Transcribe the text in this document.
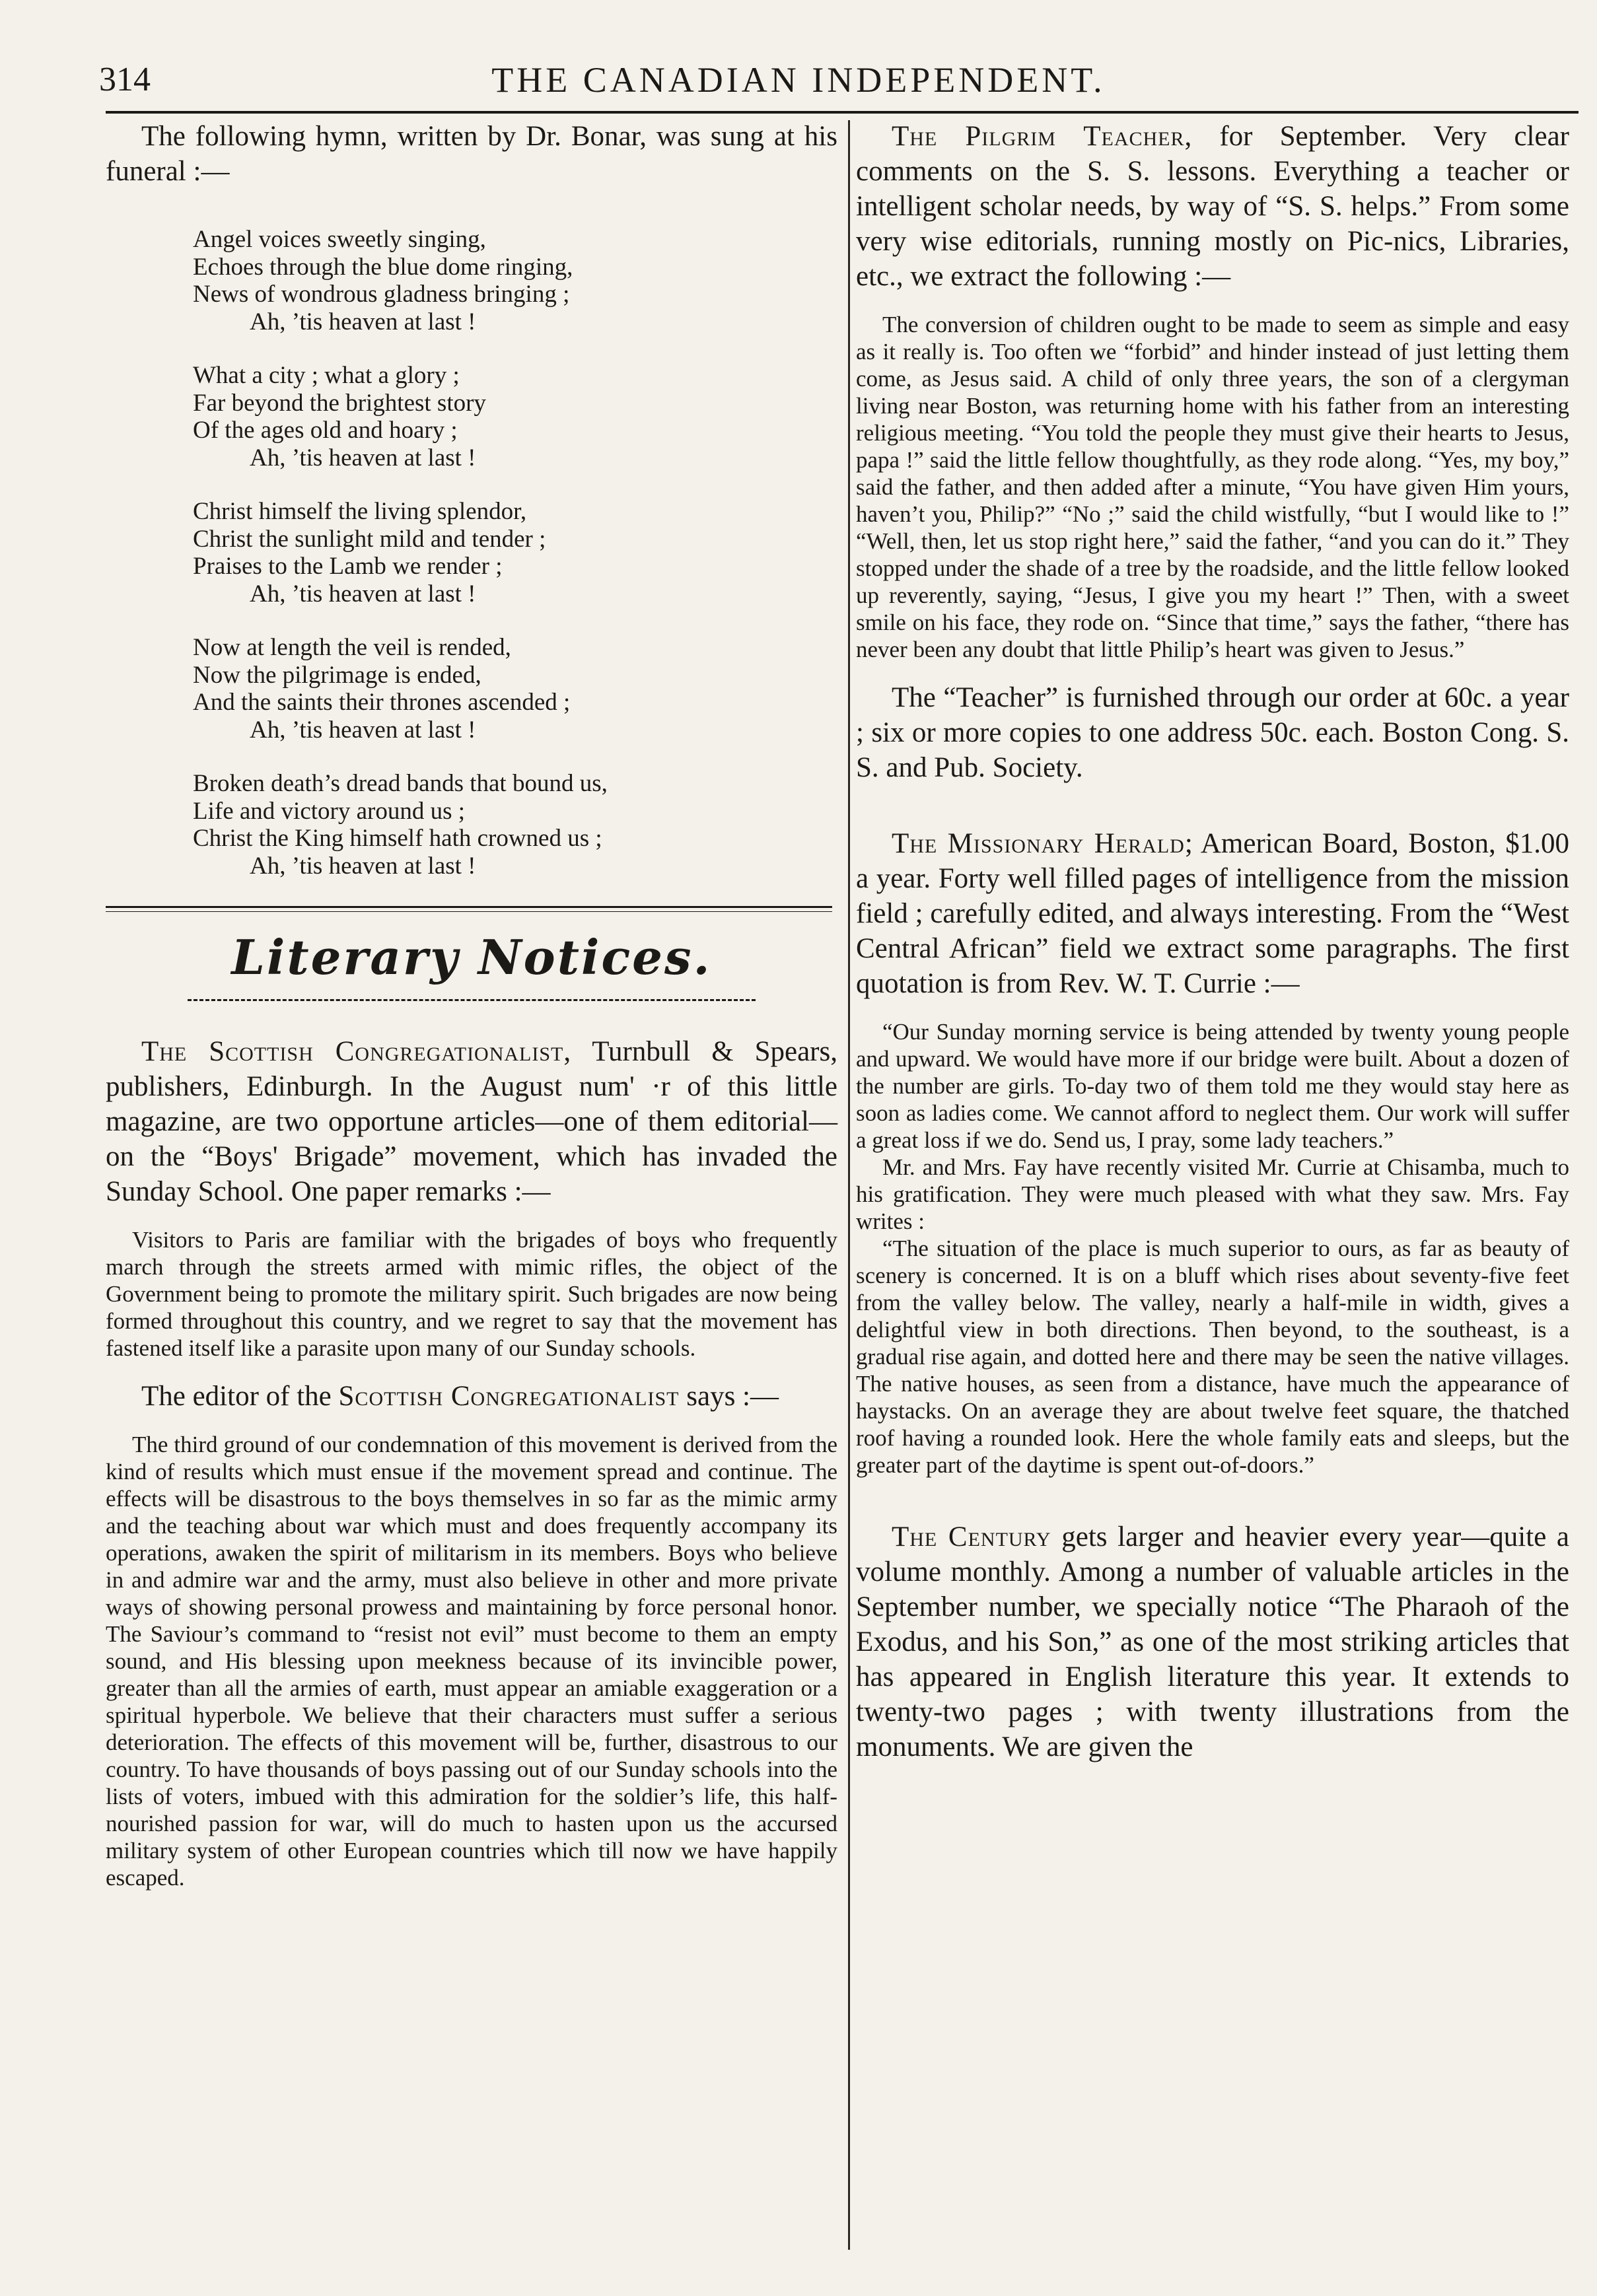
314	THE CANADIAN INDEPENDENT.

The following hymn, written by Dr. Bonar, was sung at his funeral :—

Angel voices sweetly singing,
Echoes through the blue dome ringing,
News of wondrous gladness bringing ;
Ah, ’tis heaven at last !
What a city ; what a glory ;
Far beyond the brightest story
Of the ages old and hoary ;
Ah, ’tis heaven at last !
Christ himself the living splendor,
Christ the sunlight mild and tender ;
Praises to the Lamb we render ;
Ah, ’tis heaven at last !
Now at length the veil is rended,
Now the pilgrimage is ended,
And the saints their thrones ascended ;
Ah, ’tis heaven at last !
Broken death’s dread bands that bound us,
Life and victory around us ;
Christ the King himself hath crowned us ;
Ah, ’tis heaven at last !
Literary Notices.

The Scottish Congregationalist, Turnbull & Spears, publishers, Edinburgh. In the August num' ·r of this little magazine, are two opportune articles—one of them editorial—on the “Boys' Brigade” movement, which has invaded the Sunday School. One paper remarks :—

Visitors to Paris are familiar with the brigades of boys who frequently march through the streets armed with mimic rifles, the object of the Government being to promote the military spirit. Such brigades are now being formed throughout this country, and we regret to say that the movement has fastened itself like a parasite upon many of our Sunday schools.

The editor of the Scottish Congregationalist says :—

The third ground of our condemnation of this movement is derived from the kind of results which must ensue if the movement spread and continue. The effects will be disastrous to the boys themselves in so far as the mimic army and the teaching about war which must and does frequently accompany its operations, awaken the spirit of militarism in its members. Boys who believe in and admire war and the army, must also believe in other and more private ways of showing personal prowess and maintaining by force personal honor. The Saviour’s command to “resist not evil” must become to them an empty sound, and His blessing upon meekness because of its invincible power, greater than all the armies of earth, must appear an amiable exaggeration or a spiritual hyperbole. We believe that their characters must suffer a serious deterioration. The effects of this movement will be, further, disastrous to our country. To have thousands of boys passing out of our Sunday schools into the lists of voters, imbued with this admiration for the soldier’s life, this half-nourished passion for war, will do much to hasten upon us the accursed military system of other European countries which till now we have happily escaped.

The Pilgrim Teacher, for September. Very clear comments on the S. S. lessons. Everything a teacher or intelligent scholar needs, by way of “S. S. helps.” From some very wise editorials, running mostly on Pic-nics, Libraries, etc., we extract the following :—

The conversion of children ought to be made to seem as simple and easy as it really is. Too often we “forbid” and hinder instead of just letting them come, as Jesus said. A child of only three years, the son of a clergyman living near Boston, was returning home with his father from an interesting religious meeting. “You told the people they must give their hearts to Jesus, papa !” said the little fellow thoughtfully, as they rode along. “Yes, my boy,” said the father, and then added after a minute, “You have given Him yours, haven’t you, Philip?” “No ;” said the child wistfully, “but I would like to !” “Well, then, let us stop right here,” said the father, “and you can do it.” They stopped under the shade of a tree by the roadside, and the little fellow looked up reverently, saying, “Jesus, I give you my heart !” Then, with a sweet smile on his face, they rode on. “Since that time,” says the father, “there has never been any doubt that little Philip’s heart was given to Jesus.”

The “Teacher” is furnished through our order at 60c. a year ; six or more copies to one address 50c. each. Boston Cong. S. S. and Pub. Society.

The Missionary Herald; American Board, Boston, $1.00 a year. Forty well filled pages of intelligence from the mission field ; carefully edited, and always interesting. From the “West Central African” field we extract some paragraphs. The first quotation is from Rev. W. T. Currie :—

“Our Sunday morning service is being attended by twenty young people and upward. We would have more if our bridge were built. About a dozen of the number are girls. To-day two of them told me they would stay here as soon as ladies come. We cannot afford to neglect them. Our work will suffer a great loss if we do. Send us, I pray, some lady teachers.”

Mr. and Mrs. Fay have recently visited Mr. Currie at Chisamba, much to his gratification. They were much pleased with what they saw. Mrs. Fay writes :

“The situation of the place is much superior to ours, as far as beauty of scenery is concerned. It is on a bluff which rises about seventy-five feet from the valley below. The valley, nearly a half-mile in width, gives a delightful view in both directions. Then beyond, to the southeast, is a gradual rise again, and dotted here and there may be seen the native villages. The native houses, as seen from a distance, have much the appearance of haystacks. On an average they are about twelve feet square, the thatched roof having a rounded look. Here the whole family eats and sleeps, but the greater part of the daytime is spent out-of-doors.”

The Century gets larger and heavier every year—quite a volume monthly. Among a number of valuable articles in the September number, we specially notice “The Pharaoh of the Exodus, and his Son,” as one of the most striking articles that has appeared in English literature this year. It extends to twenty-two pages ; with twenty illustrations from the monuments. We are given the
